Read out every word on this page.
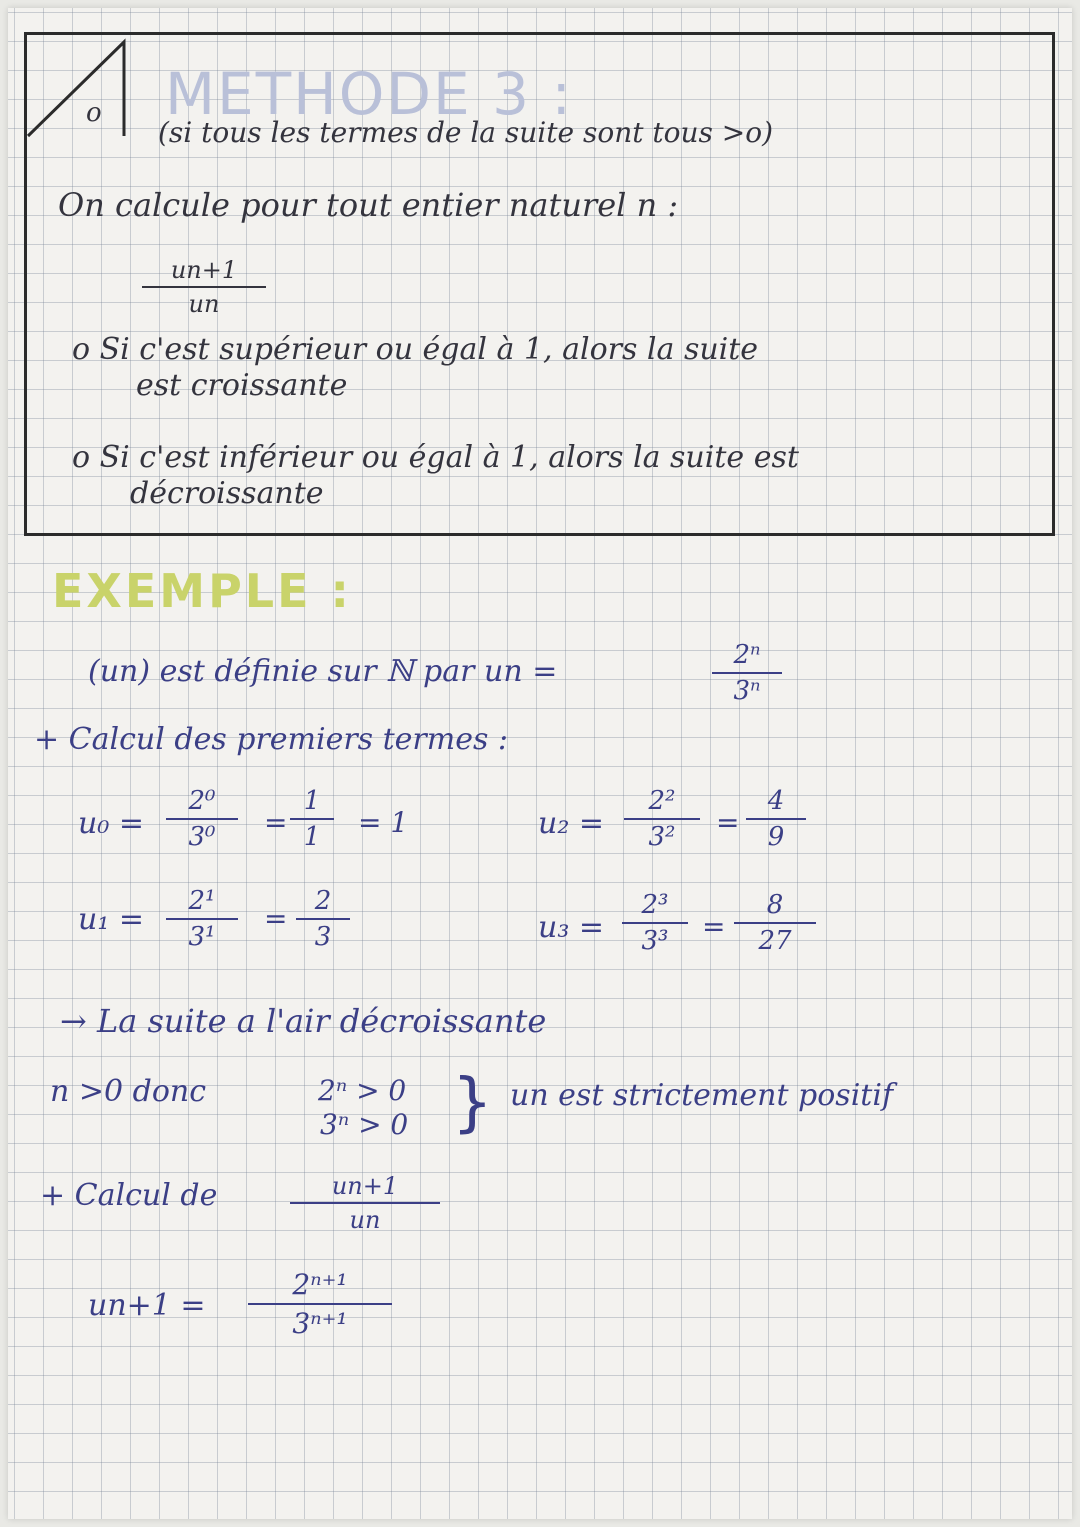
o METHODE 3 :
(si tous les termes de la suite sont tous >o)
On calcule pour tout entier naturel n :
un+1
un
o Si c'est supérieur ou égal à 1, alors la suite
est croissante
o Si c'est inférieur ou égal à 1, alors la suite est
décroissante
EXEMPLE :
(un) est définie sur ℕ par un =	2ⁿ
3ⁿ
+ Calcul des premiers termes :
u₀ =
2⁰
3⁰ =
1
1 = 1
u₁ =
2¹
3¹
=
2
3
u₂ =
2²
3² =
4
9
u₃ =
2³
3³ =
8
27
→ La suite a l'air décroissante
n >0 donc	2ⁿ > 0
3ⁿ > 0 } un est strictement positif
+ Calcul de	un+1
un
un+1 =
2ⁿ⁺¹
3ⁿ⁺¹
